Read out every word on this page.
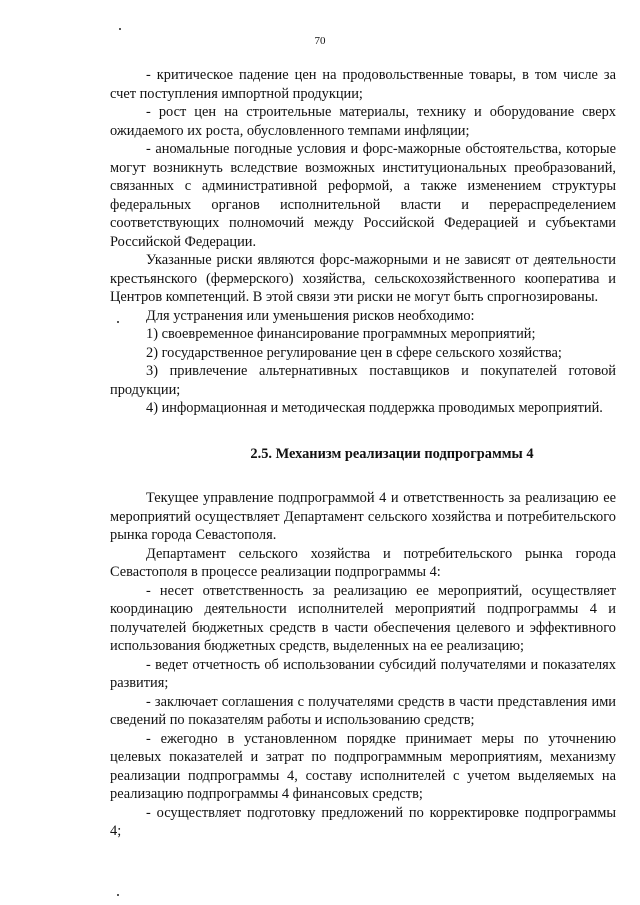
70

- критическое падение цен на продовольственные товары, в том числе за счет поступления импортной продукции;

- рост цен на строительные материалы, технику и оборудование сверх ожидаемого их роста, обусловленного темпами инфляции;

- аномальные погодные условия и форс-мажорные обстоятельства, которые могут возникнуть вследствие возможных институциональных преобразований, связанных с административной реформой, а также изменением структуры федеральных органов исполнительной власти и перераспределением соответствующих полномочий между Российской Федерацией и субъектами Российской Федерации.

Указанные риски являются форс-мажорными и не зависят от деятельности крестьянского (фермерского) хозяйства, сельскохозяйственного кооператива и Центров компетенций. В этой связи эти риски не могут быть спрогнозированы.

Для устранения или уменьшения рисков необходимо:

1) своевременное финансирование программных мероприятий;

2) государственное регулирование цен в сфере сельского хозяйства;

3) привлечение альтернативных поставщиков и покупателей готовой продукции;

4) информационная и методическая поддержка проводимых мероприятий.

2.5. Механизм реализации подпрограммы 4

Текущее управление подпрограммой 4 и ответственность за реализацию ее мероприятий осуществляет Департамент сельского хозяйства и потребительского рынка города Севастополя.

Департамент сельского хозяйства и потребительского рынка города Севастополя в процессе реализации подпрограммы 4:

- несет ответственность за реализацию ее мероприятий, осуществляет координацию деятельности исполнителей мероприятий подпрограммы 4 и получателей бюджетных средств в части обеспечения целевого и эффективного использования бюджетных средств, выделенных на ее реализацию;

- ведет отчетность об использовании субсидий получателями и показателях развития;

- заключает соглашения с получателями средств в части представления ими сведений по показателям работы и использованию средств;

- ежегодно в установленном порядке принимает меры по уточнению целевых показателей и затрат по подпрограммным мероприятиям, механизму реализации подпрограммы 4, составу исполнителей с учетом выделяемых на реализацию подпрограммы 4 финансовых средств;

- осуществляет подготовку предложений по корректировке подпрограммы 4;
